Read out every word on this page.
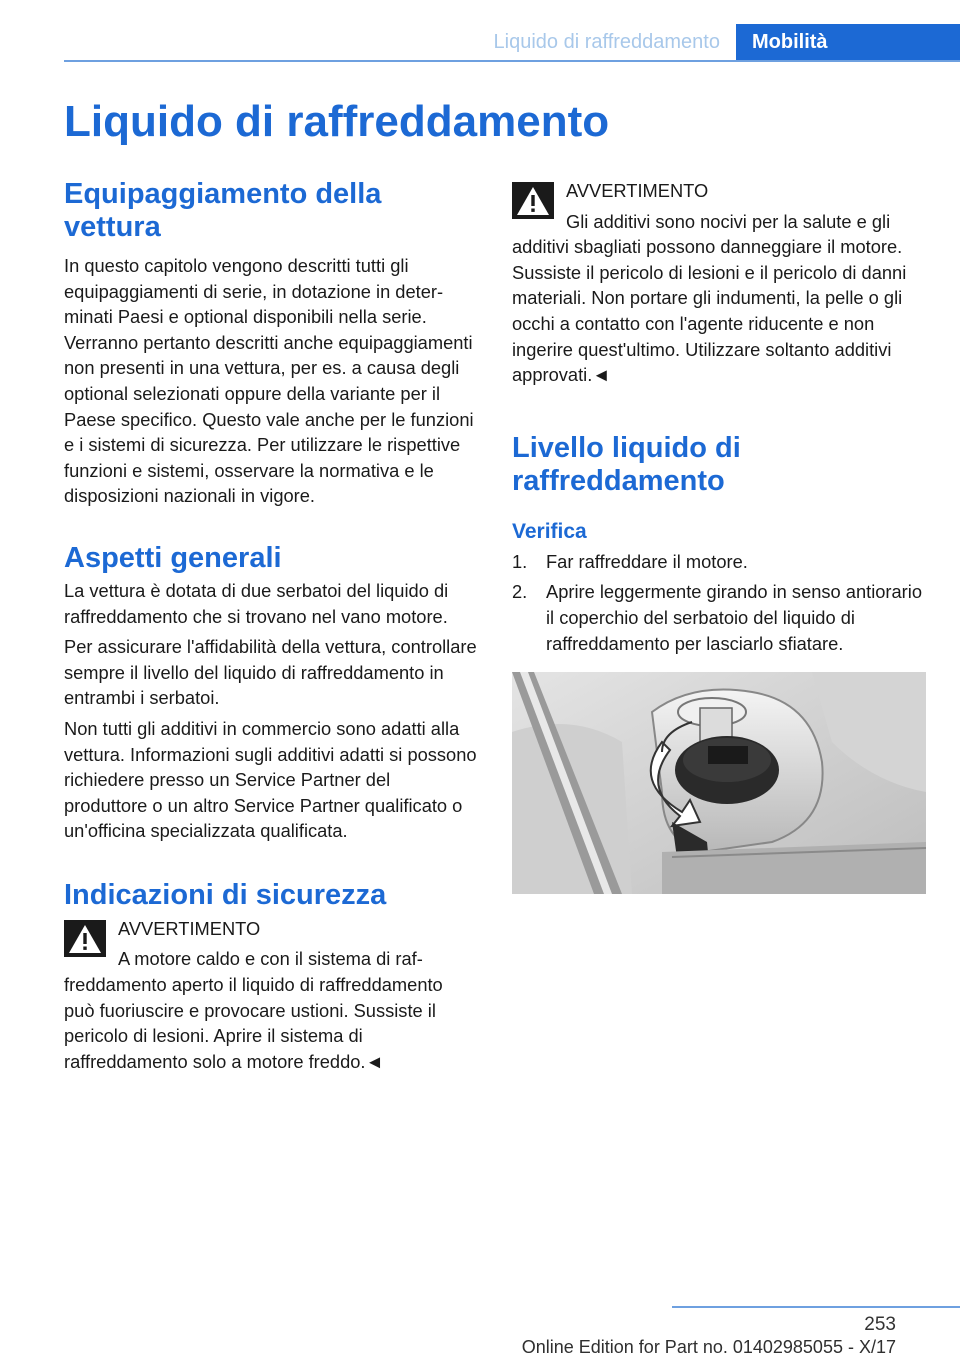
Liquido di raffreddamento	Mobilità
Liquido di raffreddamento
Equipaggiamento della vettura

In questo capitolo vengono descritti tutti gli equipaggiamenti di serie, in dotazione in determinati Paesi e optional disponibili nella serie. Verranno pertanto descritti anche equipaggiamenti non presenti in una vettura, per es. a causa degli optional selezionati oppure della variante per il Paese specifico. Questo vale anche per le funzioni e i sistemi di sicurezza. Per utilizzare le rispettive funzioni e sistemi, osservare la normativa e le disposizioni nazionali in vigore.

Aspetti generali

La vettura è dotata di due serbatoi del liquido di raffreddamento che si trovano nel vano motore.

Per assicurare l'affidabilità della vettura, controllare sempre il livello del liquido di raffreddamento in entrambi i serbatoi.

Non tutti gli additivi in commercio sono adatti alla vettura. Informazioni sugli additivi adatti si possono richiedere presso un Service Partner del produttore o un altro Service Partner qualificato o un'officina specializzata qualificata.

Indicazioni di sicurezza

AVVERTIMENTO

A motore caldo e con il sistema di raffreddamento aperto il liquido di raffreddamento può fuoriuscire e provocare ustioni. Sussiste il pericolo di lesioni. Aprire il sistema di raffreddamento solo a motore freddo.◄

AVVERTIMENTO

Gli additivi sono nocivi per la salute e gli additivi sbagliati possono danneggiare il motore. Sussiste il pericolo di lesioni e il pericolo di danni materiali. Non portare gli indumenti, la pelle o gli occhi a contatto con l'agente riducente e non ingerire quest'ultimo. Utilizzare soltanto additivi approvati.◄

Livello liquido di raffreddamento
Verifica
1. Far raffreddare il motore.
2. Aprire leggermente girando in senso antiorario il coperchio del serbatoio del liquido di raffreddamento per lasciarlo sfiatare.
253
Online Edition for Part no. 01402985055 - X/17
